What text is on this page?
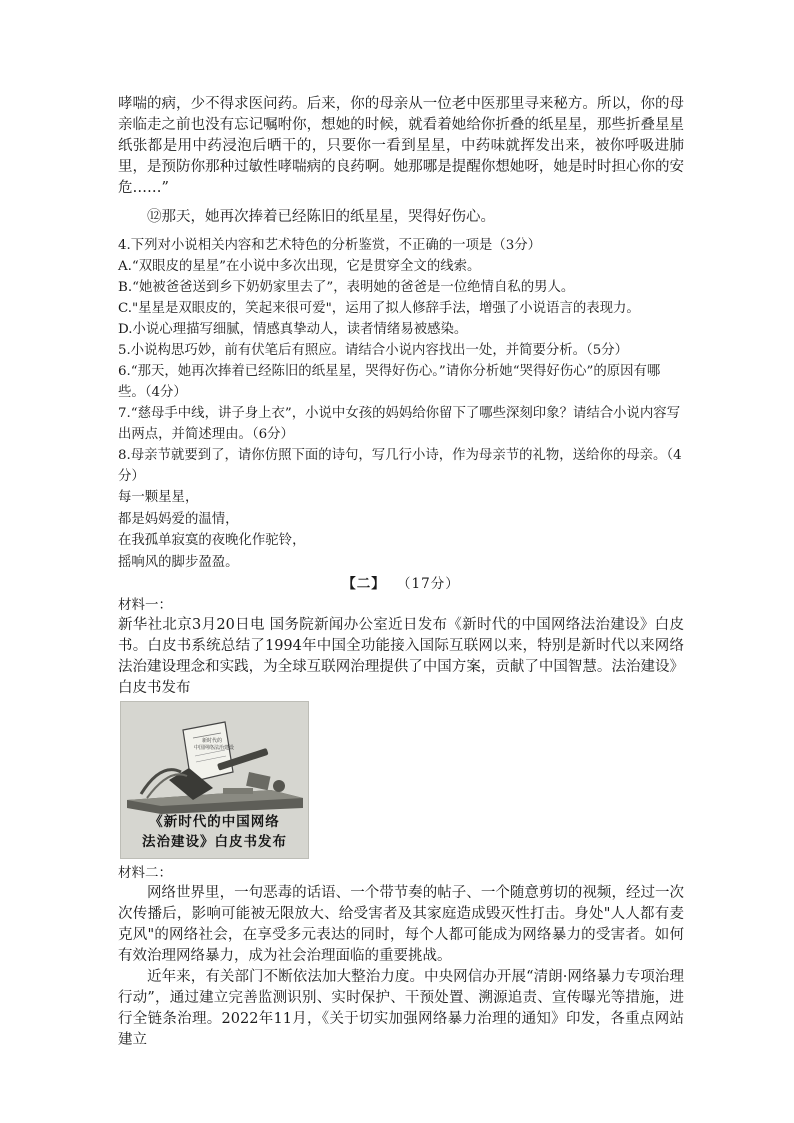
哮喘的病，少不得求医问药。后来，你的母亲从一位老中医那里寻来秘方。所以，你的母亲临走之前也没有忘记嘱咐你，想她的时候，就看着她给你折叠的纸星星，那些折叠星星纸张都是用中药浸泡后晒干的，只要你一看到星星，中药味就挥发出来，被你呼吸进肺里，是预防你那种过敏性哮喘病的良药啊。她那哪是提醒你想她呀，她是时时担心你的安危……”

⑫那天，她再次捧着已经陈旧的纸星星，哭得好伤心。

4.下列对小说相关内容和艺术特色的分析鉴赏，不正确的一项是（3分）

A.“双眼皮的星星”在小说中多次出现，它是贯穿全文的线索。

B.“她被爸爸送到乡下奶奶家里去了”，表明她的爸爸是一位绝情自私的男人。

C."星星是双眼皮的，笑起来很可爱"，运用了拟人修辞手法，增强了小说语言的表现力。

D.小说心理描写细腻，情感真挚动人，读者情绪易被感染。

5.小说构思巧妙，前有伏笔后有照应。请结合小说内容找出一处，并简要分析。（5分）

6.“那天，她再次捧着已经陈旧的纸星星，哭得好伤心。”请你分析她“哭得好伤心”的原因有哪些。（4分）

7.“慈母手中线，讲子身上衣”，小说中女孩的妈妈给你留下了哪些深刻印象？请结合小说内容写出两点，并简述理由。（6分）

8.母亲节就要到了，请你仿照下面的诗句，写几行小诗，作为母亲节的礼物，送给你的母亲。（4分）

每一颗星星，

都是妈妈爱的温情，

在我孤单寂寞的夜晚化作驼铃，

摇响风的脚步盈盈。

【二】 （17分）

材料一：

新华社北京3月20日电 国务院新闻办公室近日发布《新时代的中国网络法治建设》白皮书。白皮书系统总结了1994年中国全功能接入国际互联网以来，特别是新时代以来网络法治建设理念和实践，为全球互联网治理提供了中国方案，贡献了中国智慧。法治建设》白皮书发布

新时代的
中国网络法治建设
《新时代的中国网络
法治建设》白皮书发布

材料二：

网络世界里，一句恶毒的话语、一个带节奏的帖子、一个随意剪切的视频，经过一次次传播后，影响可能被无限放大、给受害者及其家庭造成毁灭性打击。身处"人人都有麦克风"的网络社会，在享受多元表达的同时，每个人都可能成为网络暴力的受害者。如何有效治理网络暴力，成为社会治理面临的重要挑战。

近年来，有关部门不断依法加大整治力度。中央网信办开展“清朗·网络暴力专项治理行动”，通过建立完善监测识别、实时保护、干预处置、溯源追责、宣传曝光等措施，进行全链条治理。2022年11月，《关于切实加强网络暴力治理的通知》印发，各重点网站建立
